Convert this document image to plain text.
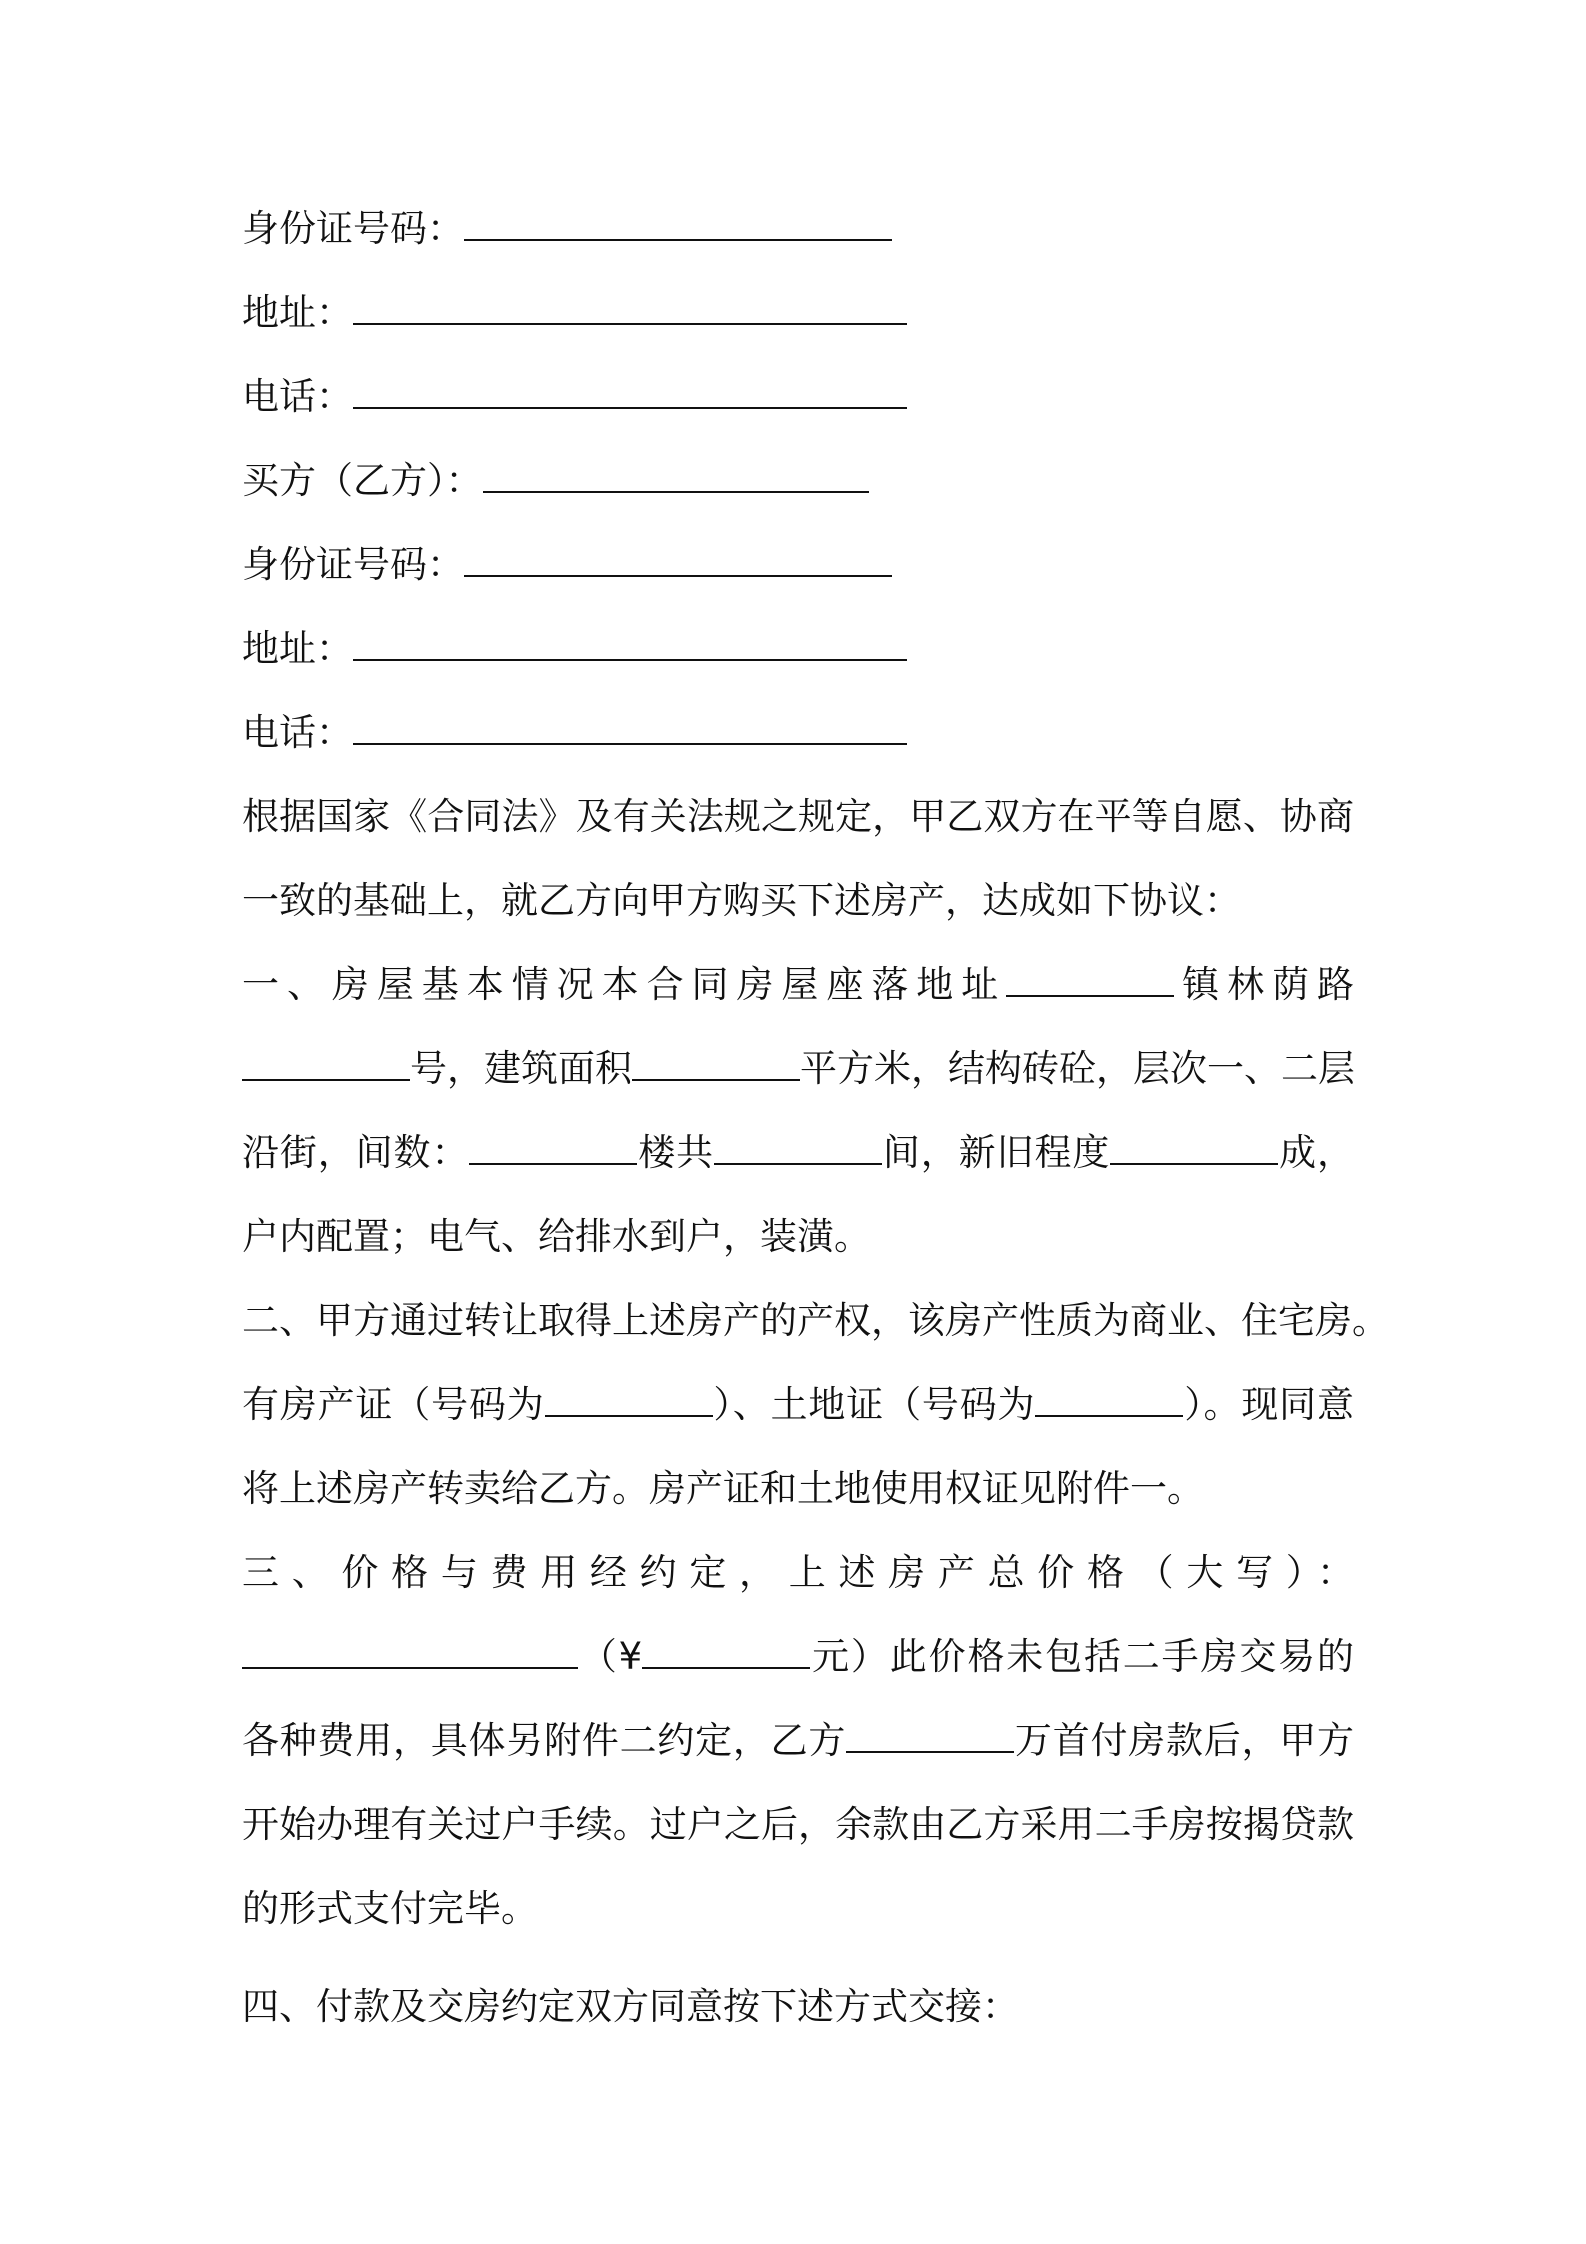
身份证号码：
地址：
电话：
买方（乙方）：
身份证号码：
地址：
电话：
根据国家《合同法》及有关法规之规定，甲乙双方在平等自愿、协商
一致的基础上，就乙方向甲方购买下述房产，达成如下协议：
一、房屋基本情况本合同房屋座落地址	镇林荫路
号，建筑面积	平方米，结构砖砼，层次一、二层
沿街，间数：	楼共	间，新旧程度	成，
户内配置；电气、给排水到户，装潢。
二、甲方通过转让取得上述房产的产权，该房产性质为商业、住宅房。
有房产证（号码为	）、土地证（号码为	）。现同意
将上述房产转卖给乙方。房产证和土地使用权证见附件一。
三、价格与费用经约定，上述房产总价格（大写）：
（¥	元）此价格未包括二手房交易的
各种费用，具体另附件二约定，乙方	万首付房款后，甲方
开始办理有关过户手续。过户之后，余款由乙方采用二手房按揭贷款
的形式支付完毕。
四、付款及交房约定双方同意按下述方式交接：
